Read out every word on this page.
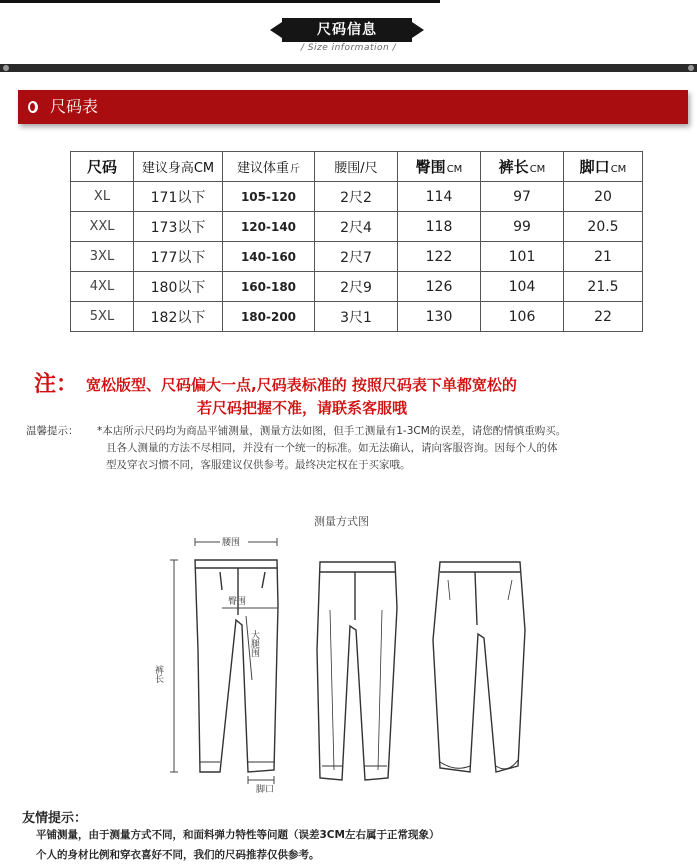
尺码信息
/ Size information /
尺码表
尺码	建议身高CM	建议体重斤	腰围/尺	臀围CM	裤长CM	脚口CM
XL	171以下	105-120	2尺2	114	97	20
XXL	173以下	120-140	2尺4	118	99	20.5
3XL	177以下	140-160	2尺7	122	101	21
4XL	180以下	160-180	2尺9	126	104	21.5
5XL	182以下	180-200	3尺1	130	106	22
注： 宽松版型、尺码偏大一点,尺码表标准的 按照尺码表下单都宽松的
若尺码把握不准，请联系客服哦
温馨提示： *本店所示尺码均为商品平铺测量，测量方法如图，但手工测量有1-3CM的误差，请您酌情慎重购买。
且各人测量的方法不尽相同，并没有一个统一的标准。如无法确认，请向客服咨询。因每个人的体
型及穿衣习惯不同，客服建议仅供参考。最终决定权在于买家哦。
测量方式图
腰围
臀围
大腿围
裤长
脚口
友情提示：
平铺测量，由于测量方式不同，和面料弹力特性等问题（误差3CM左右属于正常现象）
个人的身材比例和穿衣喜好不同，我们的尺码推荐仅供参考。
